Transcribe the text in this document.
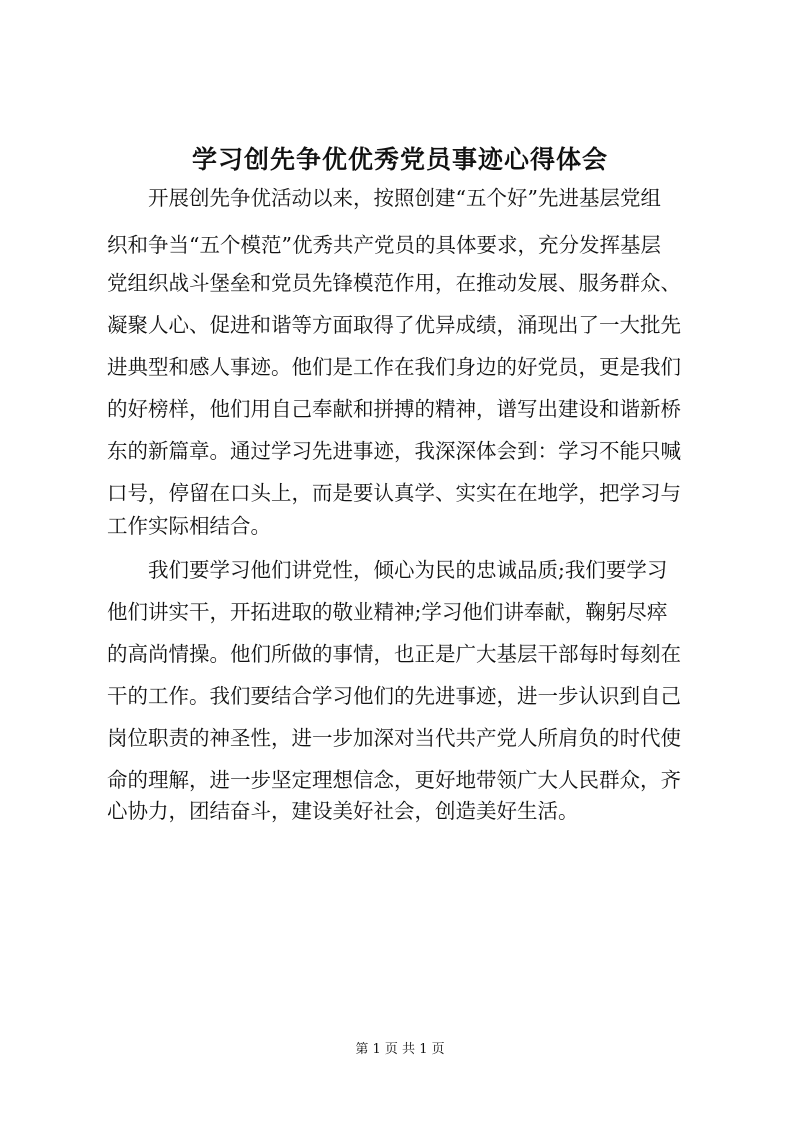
学习创先争优优秀党员事迹心得体会

　　开展创先争优活动以来，按照创建“五个好”先进基层党组

织和争当“五个模范”优秀共产党员的具体要求，充分发挥基层

党组织战斗堡垒和党员先锋模范作用，在推动发展、服务群众、

凝聚人心、促进和谐等方面取得了优异成绩，涌现出了一大批先

进典型和感人事迹。他们是工作在我们身边的好党员，更是我们

的好榜样，他们用自己奉献和拼搏的精神，谱写出建设和谐新桥

东的新篇章。通过学习先进事迹，我深深体会到：学习不能只喊

口号，停留在口头上，而是要认真学、实实在在地学，把学习与

工作实际相结合。

　　我们要学习他们讲党性，倾心为民的忠诚品质;我们要学习

他们讲实干，开拓进取的敬业精神;学习他们讲奉献，鞠躬尽瘁

的高尚情操。他们所做的事情，也正是广大基层干部每时每刻在

干的工作。我们要结合学习他们的先进事迹，进一步认识到自己

岗位职责的神圣性，进一步加深对当代共产党人所肩负的时代使

命的理解，进一步坚定理想信念，更好地带领广大人民群众，齐

心协力，团结奋斗，建设美好社会，创造美好生活。

第 1 页 共 1 页
